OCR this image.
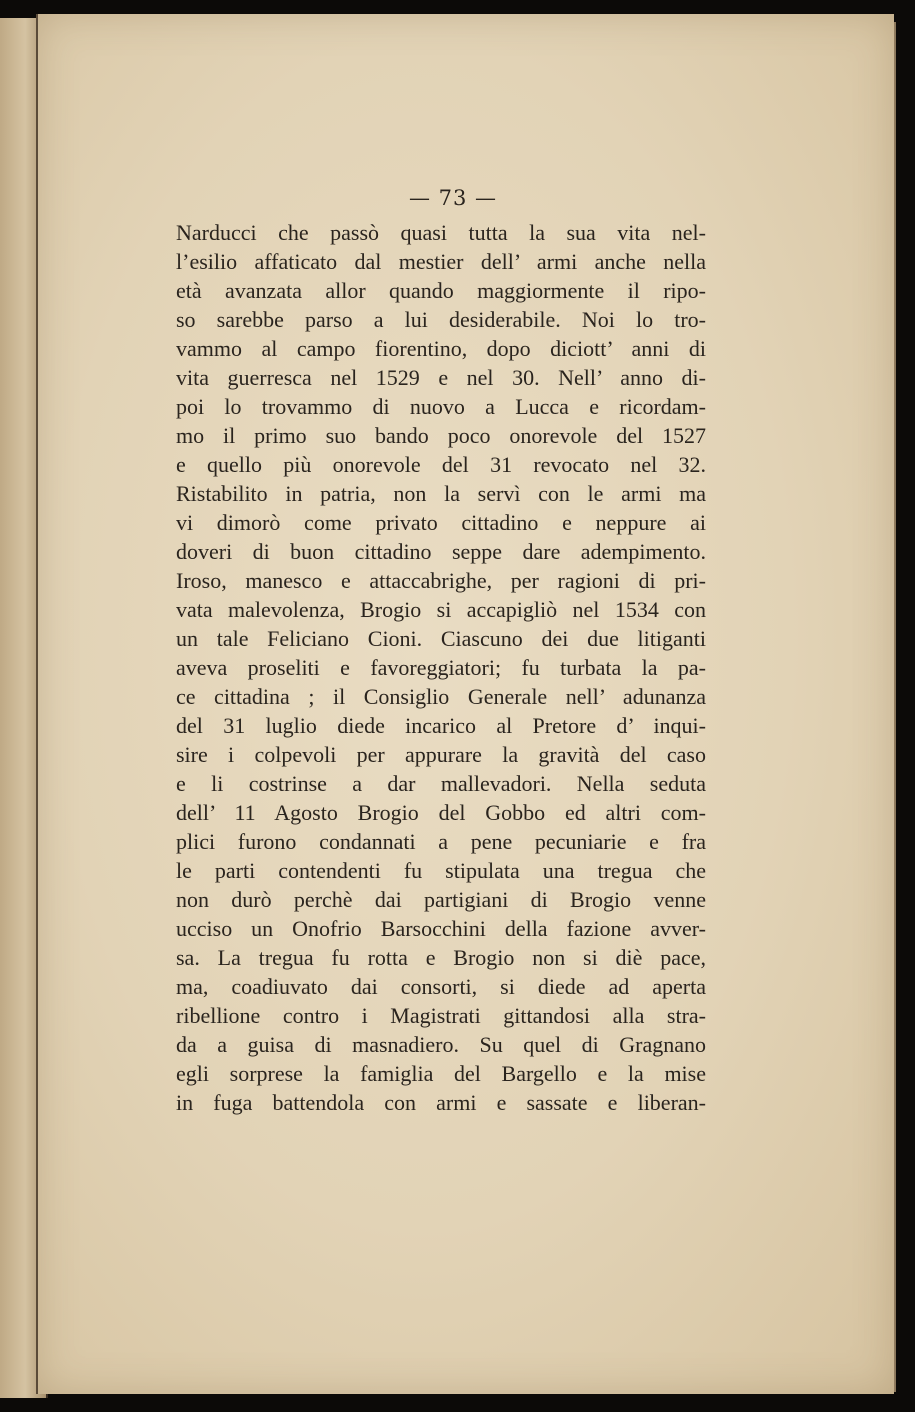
— 73 —
Narducci che passò quasi tutta la sua vita nel-
l’esilio affaticato dal mestier dell’ armi anche nella
età avanzata allor quando maggiormente il ripo-
so sarebbe parso a lui desiderabile. Noi lo tro-
vammo al campo fiorentino, dopo diciott’ anni di
vita guerresca nel 1529 e nel 30. Nell’ anno di-
poi lo trovammo di nuovo a Lucca e ricordam-
mo il primo suo bando poco onorevole del 1527
e quello più onorevole del 31 revocato nel 32.
Ristabilito in patria, non la servì con le armi ma
vi dimorò come privato cittadino e neppure ai
doveri di buon cittadino seppe dare adempimento.
Iroso, manesco e attaccabrighe, per ragioni di pri-
vata malevolenza, Brogio si accapigliò nel 1534 con
un tale Feliciano Cioni. Ciascuno dei due litiganti
aveva proseliti e favoreggiatori; fu turbata la pa-
ce cittadina ; il Consiglio Generale nell’ adunanza
del 31 luglio diede incarico al Pretore d’ inqui-
sire i colpevoli per appurare la gravità del caso
e li costrinse a dar mallevadori. Nella seduta
dell’ 11 Agosto Brogio del Gobbo ed altri com-
plici furono condannati a pene pecuniarie e fra
le parti contendenti fu stipulata una tregua che
non durò perchè dai partigiani di Brogio venne
ucciso un Onofrio Barsocchini della fazione avver-
sa. La tregua fu rotta e Brogio non si diè pace,
ma, coadiuvato dai consorti, si diede ad aperta
ribellione contro i Magistrati gittandosi alla stra-
da a guisa di masnadiero. Su quel di Gragnano
egli sorprese la famiglia del Bargello e la mise
in fuga battendola con armi e sassate e liberan-
